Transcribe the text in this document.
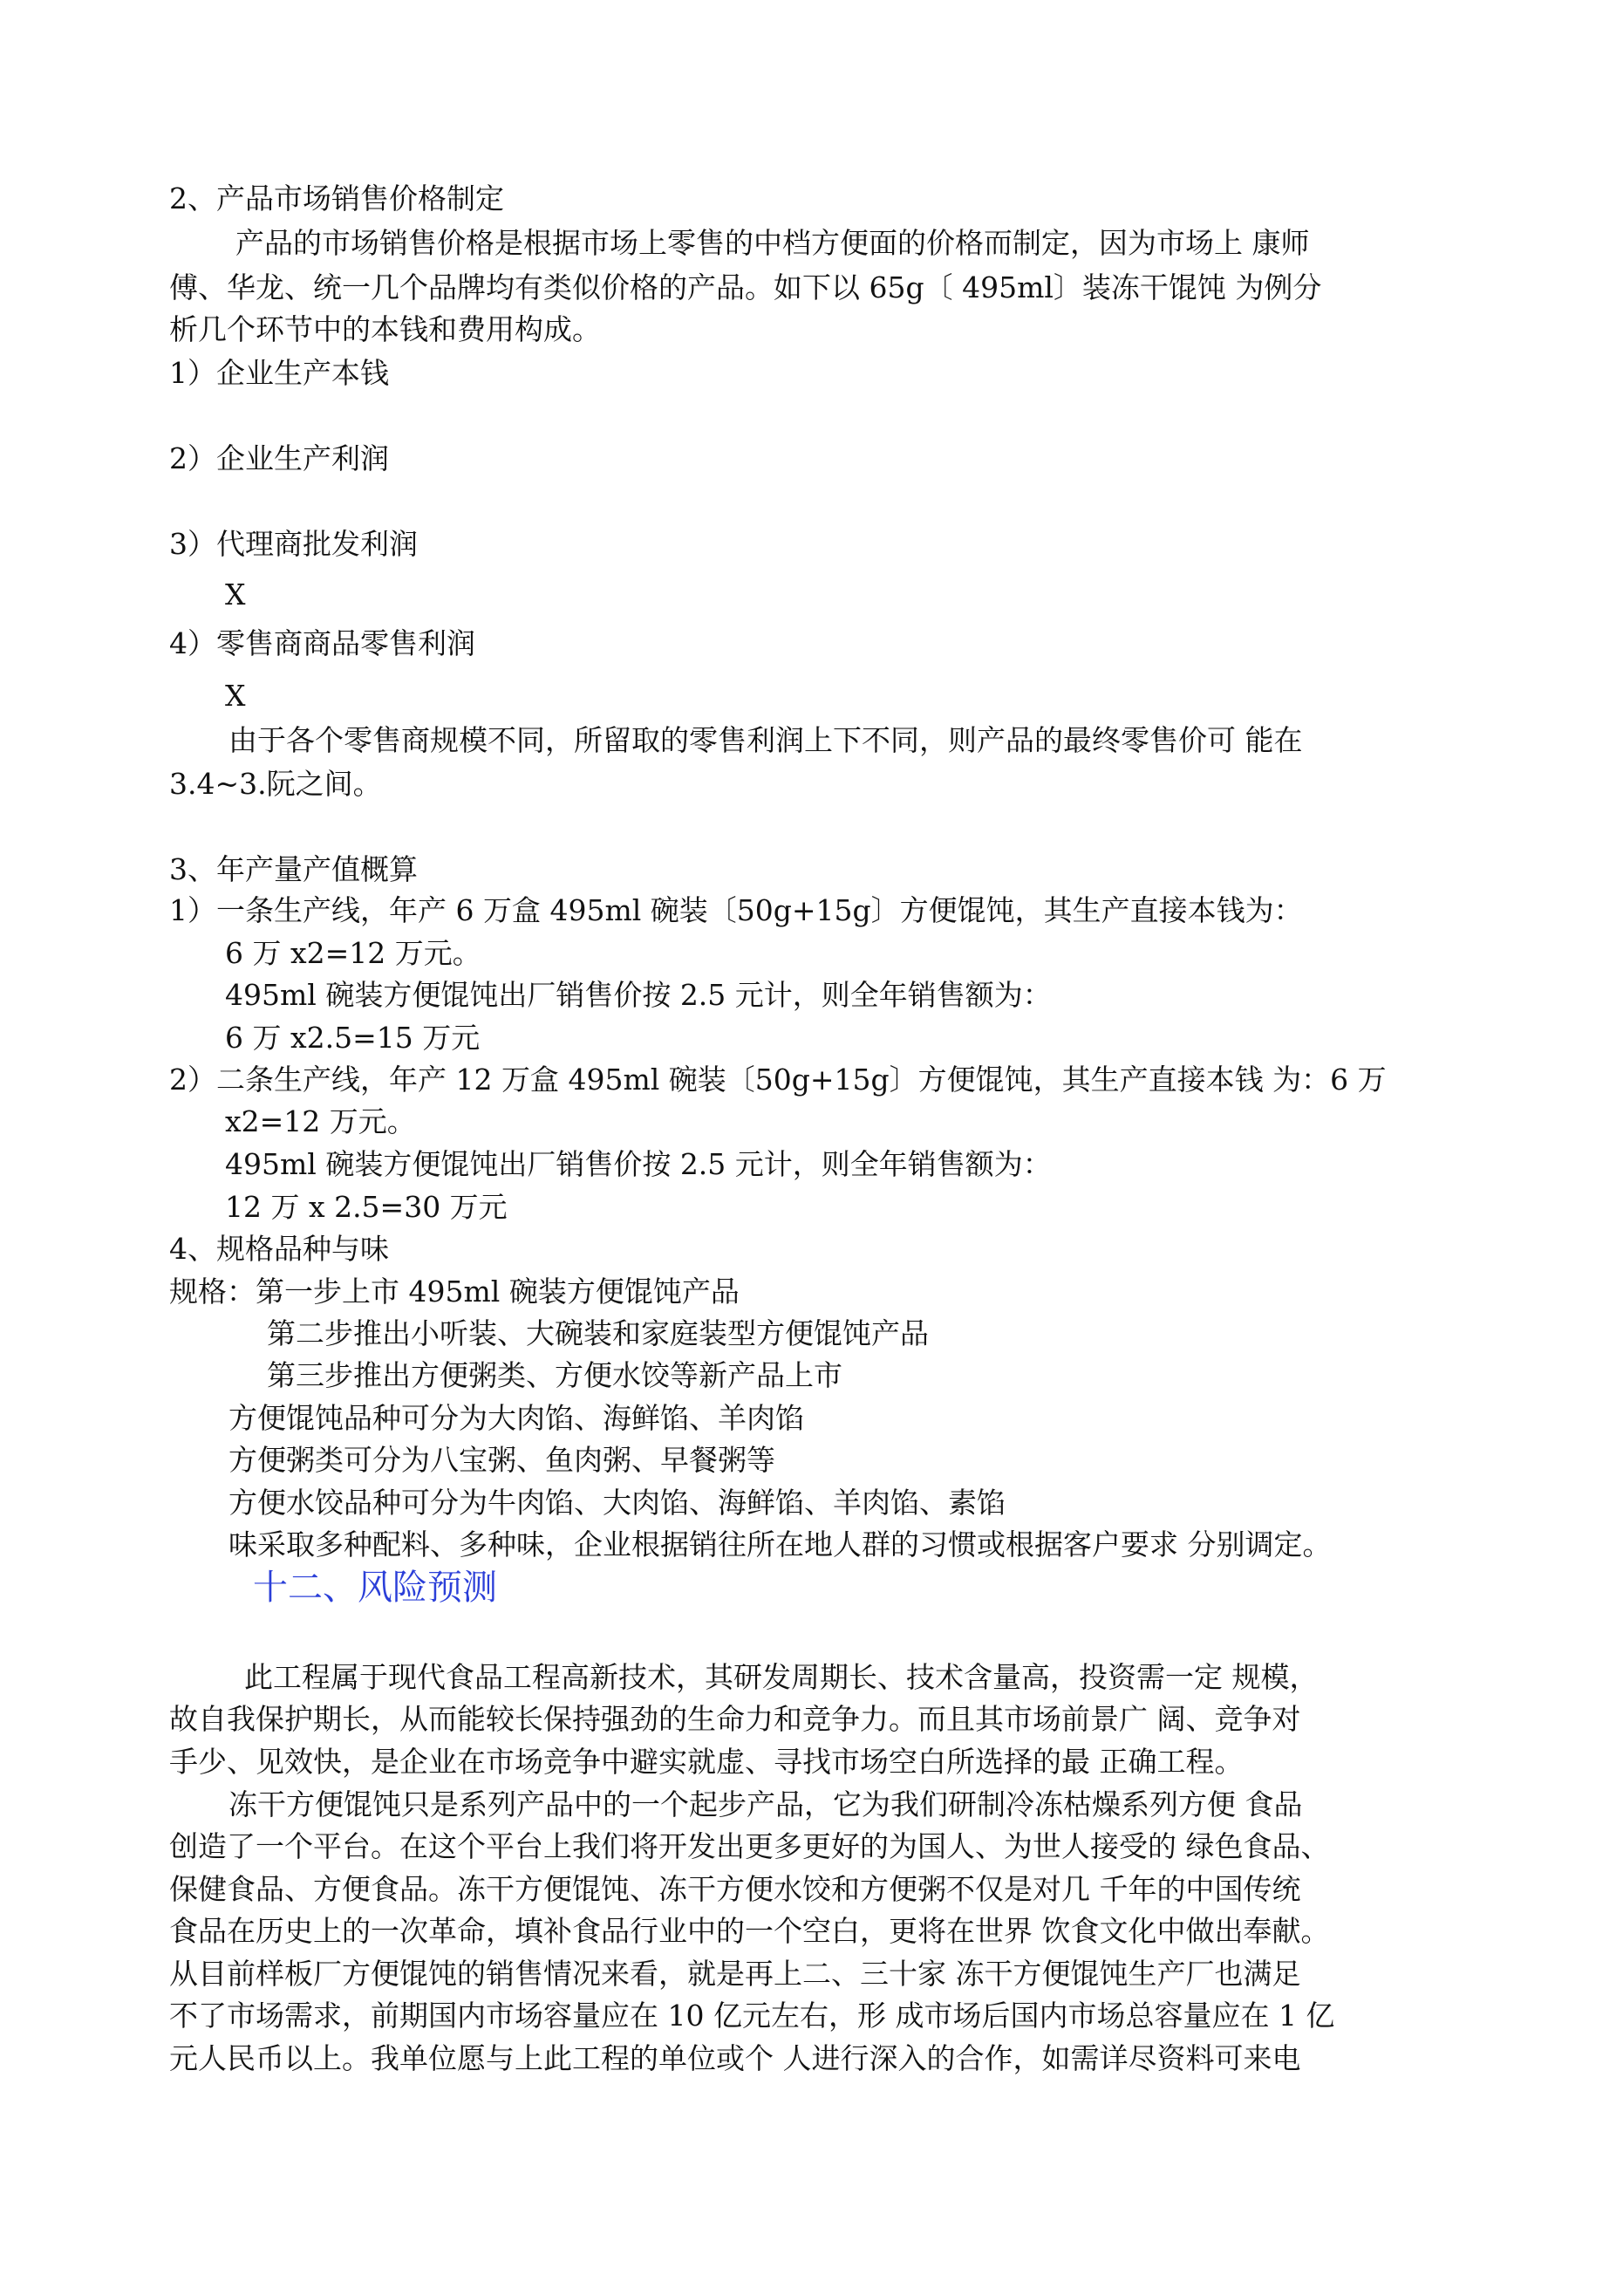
2、产品市场销售价格制定
产品的市场销售价格是根据市场上零售的中档方便面的价格而制定，因为市场上 康师
傅、华龙、统一几个品牌均有类似价格的产品。如下以 65g〔 495ml〕装冻干馄饨 为例分
析几个环节中的本钱和费用构成。
1）企业生产本钱
2）企业生产利润
3）代理商批发利润
X
4）零售商商品零售利润
X
由于各个零售商规模不同，所留取的零售利润上下不同，则产品的最终零售价可 能在
3.4~3.阮之间。
3、年产量产值概算
1）一条生产线，年产 6 万盒 495ml 碗装〔50g+15g〕方便馄饨，其生产直接本钱为：
6 万 x2=12 万元。
495ml 碗装方便馄饨出厂销售价按 2.5 元计，则全年销售额为：
6 万 x2.5=15 万元
2）二条生产线，年产 12 万盒 495ml 碗装〔50g+15g〕方便馄饨，其生产直接本钱 为：6 万
x2=12 万元。
495ml 碗装方便馄饨出厂销售价按 2.5 元计，则全年销售额为：
12 万 x 2.5=30 万元
4、规格品种与味
规格：第一步上市 495ml 碗装方便馄饨产品
第二步推出小听装、大碗装和家庭装型方便馄饨产品
第三步推出方便粥类、方便水饺等新产品上市
方便馄饨品种可分为大肉馅、海鲜馅、羊肉馅
方便粥类可分为八宝粥、鱼肉粥、早餐粥等
方便水饺品种可分为牛肉馅、大肉馅、海鲜馅、羊肉馅、素馅
味采取多种配料、多种味，企业根据销往所在地人群的习惯或根据客户要求 分别调定。
十二、风险预测
此工程属于现代食品工程高新技术，其研发周期长、技术含量高，投资需一定 规模，
故自我保护期长，从而能较长保持强劲的生命力和竞争力。而且其市场前景广 阔、竞争对
手少、见效快，是企业在市场竞争中避实就虚、寻找市场空白所选择的最 正确工程。
冻干方便馄饨只是系列产品中的一个起步产品，它为我们研制冷冻枯燥系列方便 食品
创造了一个平台。在这个平台上我们将开发出更多更好的为国人、为世人接受的 绿色食品、
保健食品、方便食品。冻干方便馄饨、冻干方便水饺和方便粥不仅是对几 千年的中国传统
食品在历史上的一次革命，填补食品行业中的一个空白，更将在世界 饮食文化中做出奉献。
从目前样板厂方便馄饨的销售情况来看，就是再上二、三十家 冻干方便馄饨生产厂也满足
不了市场需求，前期国内市场容量应在 10 亿元左右，形 成市场后国内市场总容量应在 1 亿
元人民币以上。我单位愿与上此工程的单位或个 人进行深入的合作，如需详尽资料可来电
